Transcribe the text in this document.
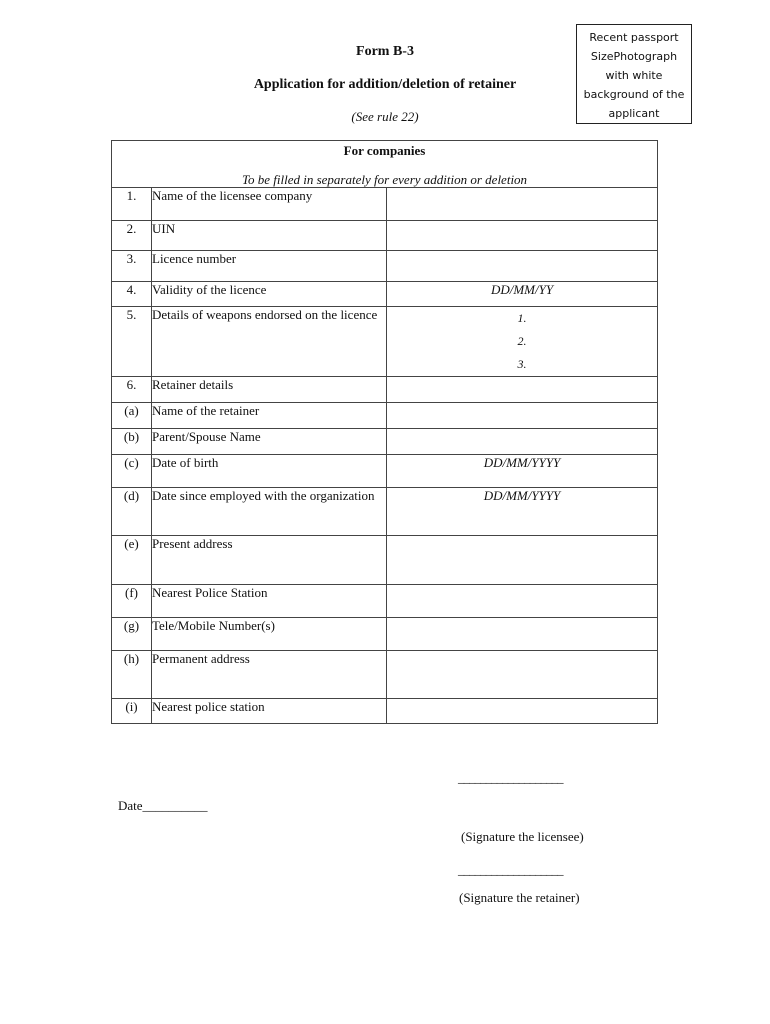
Recent passport
SizePhotograph
with white
background of the
applicant
Form B-3
Application for addition/deletion of retainer
(See rule 22)
For companies
To be filled in separately for every addition or deletion		

1.	Name of the licensee company	
2.	UIN	
3.	Licence number	
4.	Validity of the licence	DD/MM/YY
5.	Details of weapons endorsed on the licence	1.
2.
3.

6.	Retainer details	
(a)	Name of the retainer	
(b)	Parent/Spouse Name	
(c)	Date of birth	DD/MM/YYYY
(d)	Date since employed with the organization	DD/MM/YYYY
(e)	Present address	
(f)	Nearest Police Station	
(g)	Tele/Mobile Number(s)	
(h)	Permanent address	
(i)	Nearest police station	
___________________
Date__________
(Signature the licensee)
___________________
(Signature the retainer)
